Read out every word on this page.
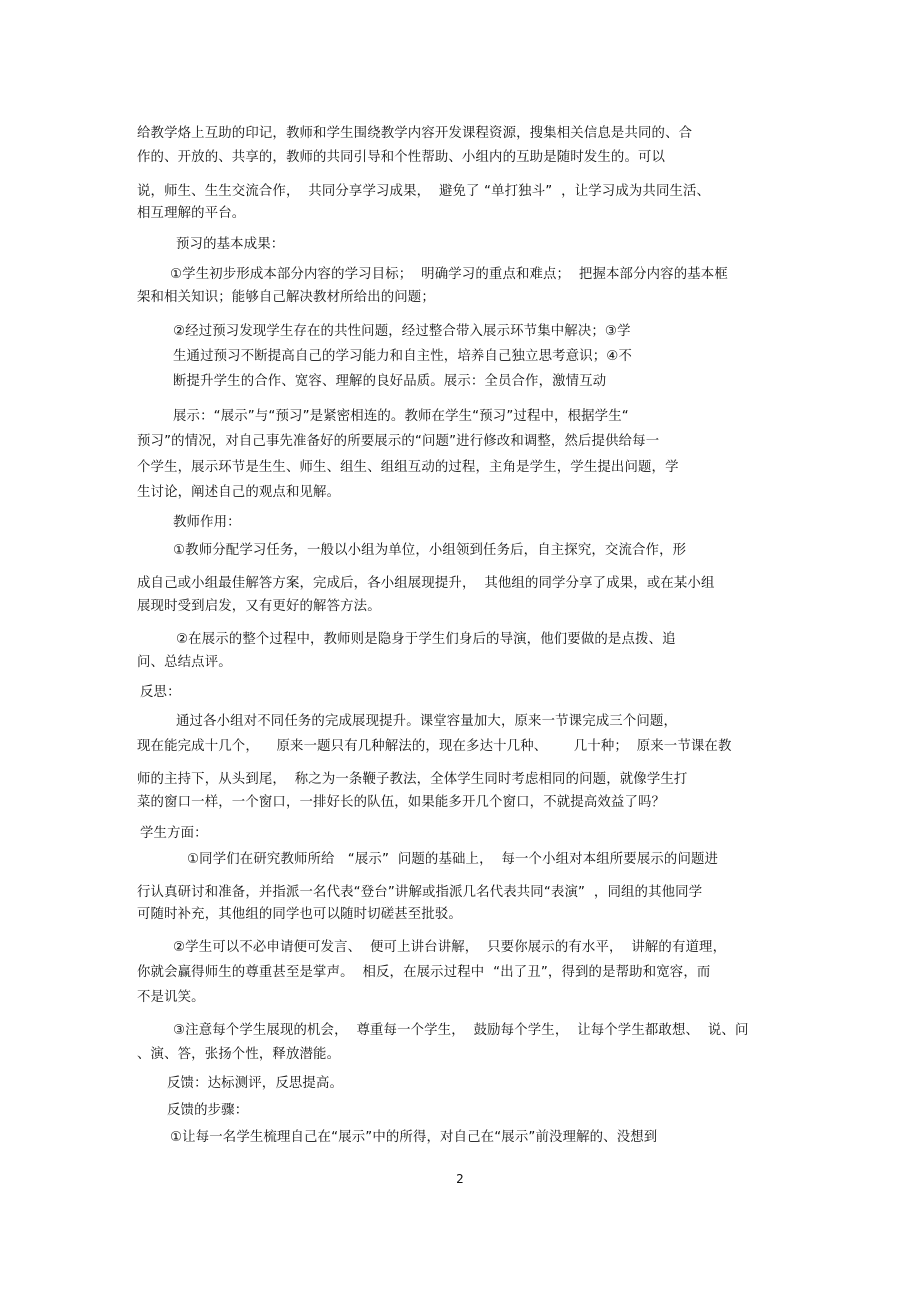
给教学烙上互助的印记，教师和学生围绕教学内容开发课程资源，搜集相关信息是共同的、合

作的、开放的、共享的，教师的共同引导和个性帮助、小组内的互助是随时发生的。可以

说，师生、生生交流合作，  共同分享学习成果，  避免了 “单打独斗”  ，让学习成为共同生活、

相互理解的平台。

预习的基本成果：

①学生初步形成本部分内容的学习目标；  明确学习的重点和难点；  把握本部分内容的基本框

架和相关知识；能够自己解决教材所给出的问题；

②经过预习发现学生存在的共性问题，经过整合带入展示环节集中解决；③学

生通过预习不断提高自己的学习能力和自主性，培养自己独立思考意识；④不

断提升学生的合作、宽容、理解的良好品质。展示：全员合作，激情互动

展示：“展示”与“预习”是紧密相连的。教师在学生“预习”过程中，根据学生“

预习”的情况，对自己事先准备好的所要展示的“问题”进行修改和调整，然后提供给每一

个学生，展示环节是生生、师生、组生、组组互动的过程，主角是学生，学生提出问题，学

生讨论，阐述自己的观点和见解。

教师作用：

①教师分配学习任务，一般以小组为单位，小组领到任务后，自主探究，交流合作，形

成自己或小组最佳解答方案，完成后，各小组展现提升，  其他组的同学分享了成果，或在某小组

展现时受到启发，又有更好的解答方法。

②在展示的整个过程中，教师则是隐身于学生们身后的导演，他们要做的是点拨、追

问、总结点评。

反思：

通过各小组对不同任务的完成展现提升。课堂容量加大，原来一节课完成三个问题，

现在能完成十几个，    原来一题只有几种解法的，现在多达十几种、      几十种；  原来一节课在教

师的主持下，从头到尾，  称之为一条鞭子教法，全体学生同时考虑相同的问题，就像学生打

菜的窗口一样，一个窗口，一排好长的队伍，如果能多开几个窗口，不就提高效益了吗？

学生方面：

①同学们在研究教师所给   “展示”  问题的基础上，  每一个小组对本组所要展示的问题进

行认真研讨和准备，并指派一名代表“登台”讲解或指派几名代表共同“表演”  ，同组的其他同学

可随时补充，其他组的同学也可以随时切磋甚至批驳。

②学生可以不必申请便可发言、  便可上讲台讲解，  只要你展示的有水平，  讲解的有道理，

你就会赢得师生的尊重甚至是掌声。  相反，在展示过程中  “出了丑”，得到的是帮助和宽容，而

不是讥笑。

③注意每个学生展现的机会，  尊重每一个学生，  鼓励每个学生，  让每个学生都敢想、  说、问

、演、答，张扬个性，释放潜能。

反馈：达标测评，反思提高。

反馈的步骤：

①让每一名学生梳理自己在“展示”中的所得，对自己在“展示”前没理解的、没想到

2
